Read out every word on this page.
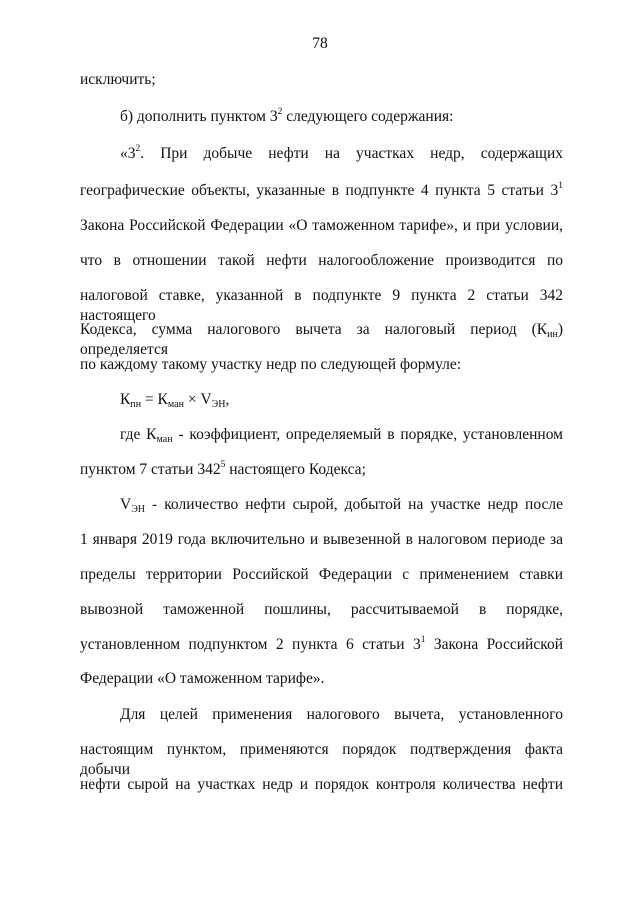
78
исключить;
б) дополнить пунктом $3^2$ следующего содержания:
«$3^2$. При добыче нефти на участках недр, содержащих
географические объекты, указанные в подпункте 4 пункта 5 статьи $3^1$
Закона Российской Федерации «О таможенном тарифе», и при условии,
что в отношении такой нефти налогообложение производится по
налоговой ставке, указанной в подпункте 9 пункта 2 статьи 342 настоящего
Кодекса, сумма налогового вычета за налоговый период $(К_{ин})$ определяется
по каждому такому участку недр по следующей формуле:
$К_{пн} = К_{ман} \times V_{ЭН}$,
где $К_{ман}$ - коэффициент, определяемый в порядке, установленном
пунктом 7 статьи $342^5$ настоящего Кодекса;
$V_{ЭН}$ - количество нефти сырой, добытой на участке недр после
1 января 2019 года включительно и вывезенной в налоговом периоде за
пределы территории Российской Федерации с применением ставки
вывозной таможенной пошлины, рассчитываемой в порядке,
установленном подпунктом 2 пункта 6 статьи $3^1$ Закона Российской
Федерации «О таможенном тарифе».
Для целей применения налогового вычета, установленного
настоящим пунктом, применяются порядок подтверждения факта добычи
нефти сырой на участках недр и порядок контроля количества нефти
